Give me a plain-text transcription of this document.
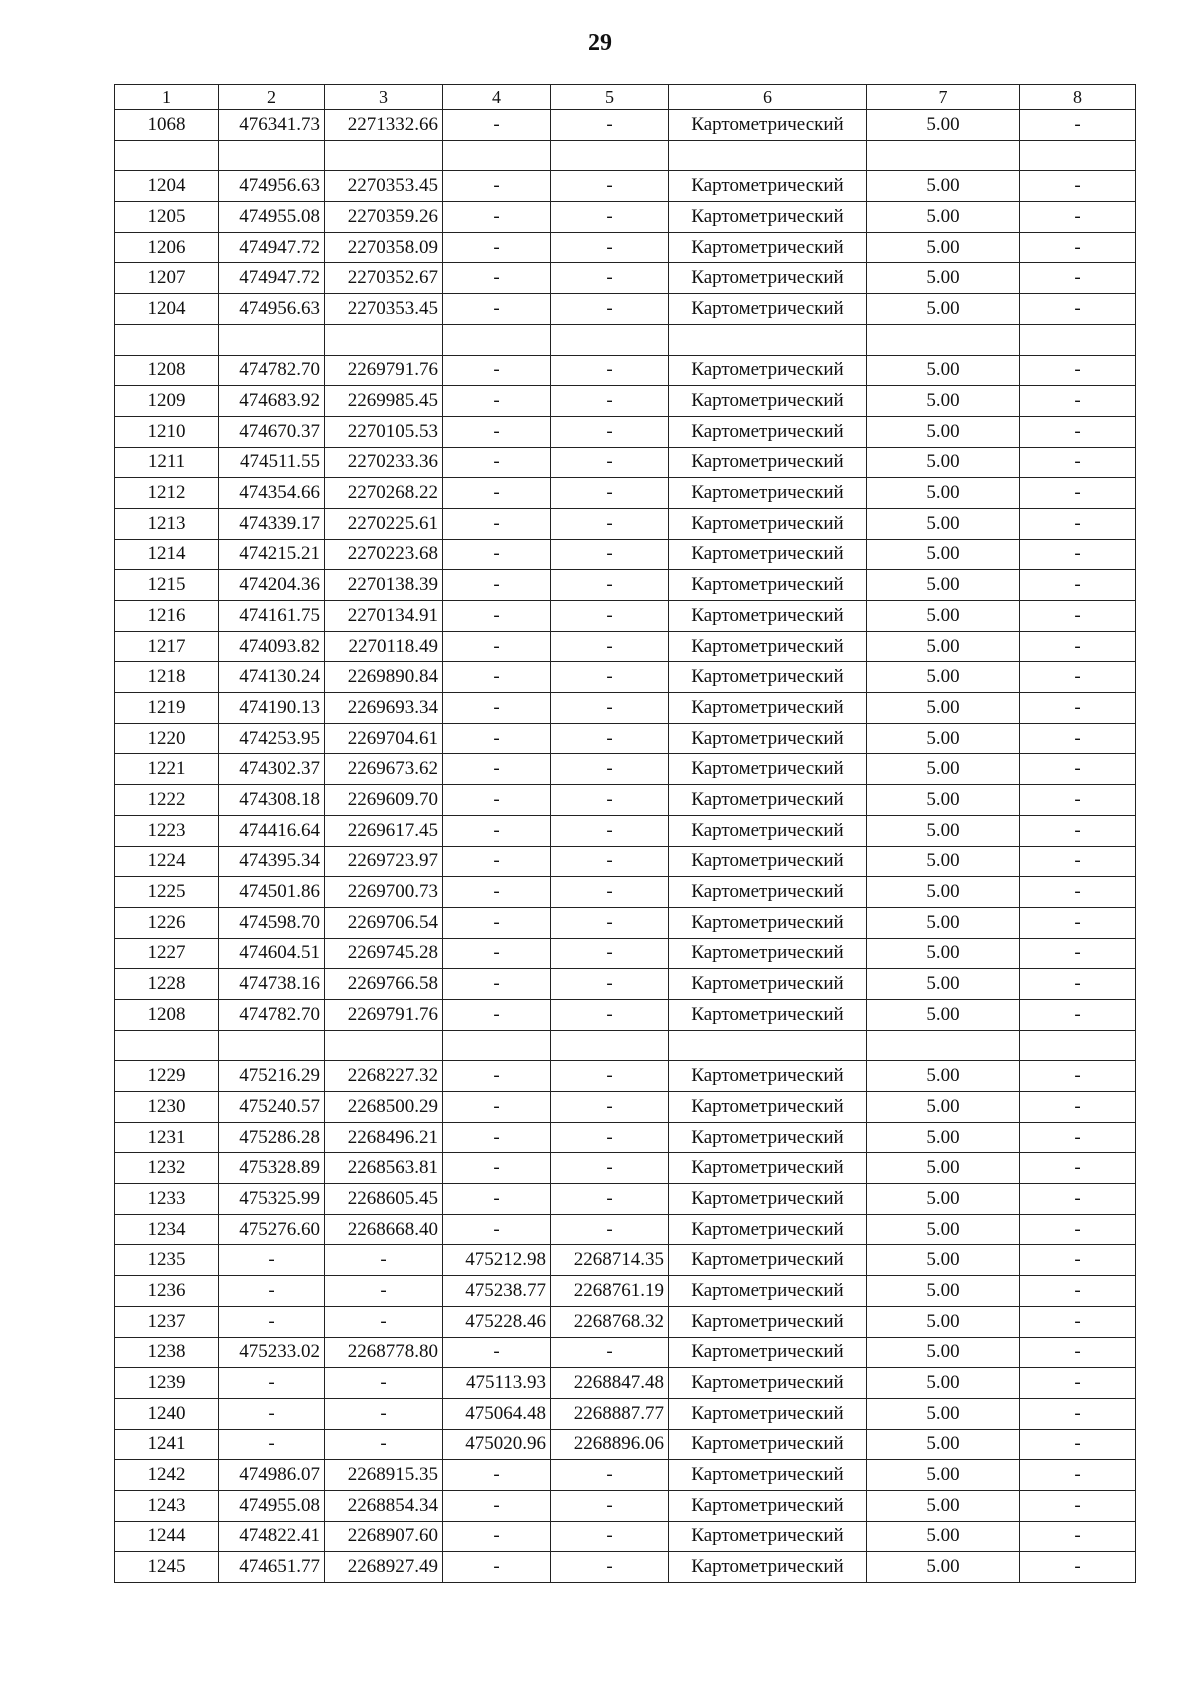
29
1	2	3	4	5	6	7	8
1068	476341.73	2271332.66	-	-	Картометрический	5.00	-

1204	474956.63	2270353.45	-	-	Картометрический	5.00	-
1205	474955.08	2270359.26	-	-	Картометрический	5.00	-
1206	474947.72	2270358.09	-	-	Картометрический	5.00	-
1207	474947.72	2270352.67	-	-	Картометрический	5.00	-
1204	474956.63	2270353.45	-	-	Картометрический	5.00	-

1208	474782.70	2269791.76	-	-	Картометрический	5.00	-
1209	474683.92	2269985.45	-	-	Картометрический	5.00	-
1210	474670.37	2270105.53	-	-	Картометрический	5.00	-
1211	474511.55	2270233.36	-	-	Картометрический	5.00	-
1212	474354.66	2270268.22	-	-	Картометрический	5.00	-
1213	474339.17	2270225.61	-	-	Картометрический	5.00	-
1214	474215.21	2270223.68	-	-	Картометрический	5.00	-
1215	474204.36	2270138.39	-	-	Картометрический	5.00	-
1216	474161.75	2270134.91	-	-	Картометрический	5.00	-
1217	474093.82	2270118.49	-	-	Картометрический	5.00	-
1218	474130.24	2269890.84	-	-	Картометрический	5.00	-
1219	474190.13	2269693.34	-	-	Картометрический	5.00	-
1220	474253.95	2269704.61	-	-	Картометрический	5.00	-
1221	474302.37	2269673.62	-	-	Картометрический	5.00	-
1222	474308.18	2269609.70	-	-	Картометрический	5.00	-
1223	474416.64	2269617.45	-	-	Картометрический	5.00	-
1224	474395.34	2269723.97	-	-	Картометрический	5.00	-
1225	474501.86	2269700.73	-	-	Картометрический	5.00	-
1226	474598.70	2269706.54	-	-	Картометрический	5.00	-
1227	474604.51	2269745.28	-	-	Картометрический	5.00	-
1228	474738.16	2269766.58	-	-	Картометрический	5.00	-
1208	474782.70	2269791.76	-	-	Картометрический	5.00	-

1229	475216.29	2268227.32	-	-	Картометрический	5.00	-
1230	475240.57	2268500.29	-	-	Картометрический	5.00	-
1231	475286.28	2268496.21	-	-	Картометрический	5.00	-
1232	475328.89	2268563.81	-	-	Картометрический	5.00	-
1233	475325.99	2268605.45	-	-	Картометрический	5.00	-
1234	475276.60	2268668.40	-	-	Картометрический	5.00	-
1235	-	-	475212.98	2268714.35	Картометрический	5.00	-
1236	-	-	475238.77	2268761.19	Картометрический	5.00	-
1237	-	-	475228.46	2268768.32	Картометрический	5.00	-
1238	475233.02	2268778.80	-	-	Картометрический	5.00	-
1239	-	-	475113.93	2268847.48	Картометрический	5.00	-
1240	-	-	475064.48	2268887.77	Картометрический	5.00	-
1241	-	-	475020.96	2268896.06	Картометрический	5.00	-
1242	474986.07	2268915.35	-	-	Картометрический	5.00	-
1243	474955.08	2268854.34	-	-	Картометрический	5.00	-
1244	474822.41	2268907.60	-	-	Картометрический	5.00	-
1245	474651.77	2268927.49	-	-	Картометрический	5.00	-
